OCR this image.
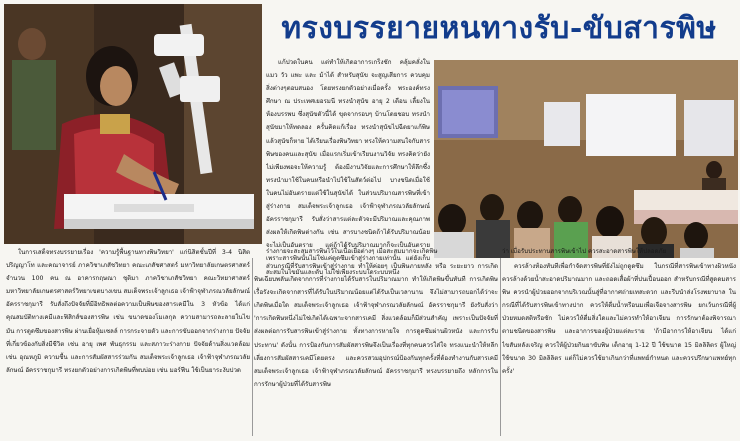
ทรงบรรยายหนทางรับ-ขับสารพิษ

แก้ปวดในคน แต่ทำให้เกิดอาการเกร็งชัก คลุ้มคลั่งใน แมว วัว แพะ และ ม้าได้ สำหรับสุนัข จะสูญเสียการ ควบคุม สิ่งต่างๆตอบสนอง โดยทรงยกตัวอย่างเมื่อครั้ง พระองค์ทรงศึกษา ณ ประเทศเยอรมนี ทรงนำสุนัข อายุ 2 เดือน เลี้ยงในห้องบรรพบ ซึ่งสุนัขตัวนี้ได้ ขุดจากรอบๆ บ้านโดยชอบ ทรงนำสุนัขมาให้ทดลอง ครั้นคิดแก้เรื่อง ทรงนำสุนัขไปฉีดยาแก้พิษ แล้วสุนัขก็หาย ได้เรียนเรื่องพิษวิทยา ทรงให้ความสนใจกับสารพิษของคนและสุนัข เมื่อแรกเริ่มเข้าเรียนงานวิจัย ทรงคิดว่ายังไม่เพียงพอจะให้ความรู้ ต้องมีงานวิจัยและการศึกษาให้ลึกซึ้ง ทรงนำมาใช้ในคนหรือนำไปใช้ในสัตว์ต่อไป บางชนิดเมื่อใช้ในคนไม่อันตรายแต่ใช้ในสุนัขได้ ในส่วนปริมาณสารพิษที่เข้าสู่ร่างกาย สมเด็จพระเจ้าลูกเธอ เจ้าฟ้าจุฬาภรณวลัยลักษณ์ อัครราชกุมารี รับสั่งว่าสารแต่ละตัวจะมีปริมาณและคุณภาพ ส่งผลให้เกิดพิษต่างกัน เช่น สารบางชนิดถ้าได้รับปริมาณน้อยจะไม่เป็นอันตราย แต่ถ้าได้รับปริมาณมากก็จะเป็นอันตราย เพราะสารพิษนั้นไม่ใช่แค่ดูดซึมเข้าสู่ร่างกายเท่านั้น แต่ยังเก็บสะสมในไขมันและตับ ไม่ใช่เพียงระบบใดระบบหนึ่ง

ร่างกายจะสะสมสารพิษไว้ในเนื้อเยื่อต่างๆ เมื่อสะสมมากจะเกิดพิษ	ว่า เมื่อรับประทานสารพิษเข้าไป ควรสะอาดสารพิษให้ปลอดภัย

ในการเสด็จทรงบรรยายเรื่อง 'ความรู้พื้นฐานทางพิษวิทยา' แก่นิสิตชั้นปีที่ 3-4 นิสิตปริญญาโท และคณาจารย์ ภาควิชาเภสัชวิทยา คณะเภสัชศาสตร์ มหาวิทยาลัยเกษตรศาสตร์ จำนวน 100 คน ณ อาคารกฤษณา ชุติมา ภาควิชาเภสัชวิทยา คณะวิทยาศาสตร์ มหาวิทยาลัยเกษตรศาสตร์วิทยาเขตบางเขน สมเด็จพระเจ้าลูกเธอ เจ้าฟ้าจุฬาภรณวลัยลักษณ์ อัครราชกุมารี รับสั่งถึงปัจจัยที่มีอิทธิพลต่อความเป็นพิษของสารเคมีใน 3 หัวข้อ ได้แก่ คุณสมบัติทางเคมีและฟิสิกส์ของสารพิษ เช่น ขนาดของโมเลกุล ความสามารถละลายในไขมัน การดูดซึมของสารพิษ ผ่านเยื่อหุ้มเซลล์ การกระจายตัว และการขับออกจากร่างกาย ปัจจัยที่เกี่ยวข้องกับสิ่งมีชีวิต เช่น อายุ เพศ พันธุกรรม และสภาวะร่างกาย ปัจจัยด้านสิ่งแวดล้อม เช่น อุณหภูมิ ความชื้น และการสัมผัสสารร่วมกัน สมเด็จพระเจ้าลูกเธอ เจ้าฟ้าจุฬาภรณวลัยลักษณ์ อัครราชกุมารี ทรงยกตัวอย่างการเกิดพิษที่พบบ่อย เช่น มอร์ฟีน ใช้เป็นยาระงับปวด

ส่วนกรณีที่รับสารพิษเข้าสู่ร่างกาย ทำให้ค่อยๆ เป็นพิษภายหลัง หรือ ระยะยาว การเกิดพิษเฉียบพลันเกิดจากการที่ร่างกายได้รับสารในปริมาณมาก ทำให้เกิดพิษขึ้นทันที การเกิดพิษเรื้อรังจะเกิดจากสารที่ได้รับในปริมาณน้อยแต่ได้รับเป็นเวลานาน จึงไม่สามารถบอกได้ว่าจะเกิดพิษเมื่อใด สมเด็จพระเจ้าลูกเธอ เจ้าฟ้าจุฬาภรณวลัยลักษณ์ อัครราชกุมารี ยังรับสั่งว่า 'การเกิดพิษหนึ่งไม่ใช่เกิดได้เฉพาะจากสารเคมี สิ่งแวดล้อมก็มีส่วนสำคัญ เพราะเป็นปัจจัยที่ส่งผลต่อการรับสารพิษเข้าสู่ร่างกาย ทั้งทางการหายใจ การดูดซึมผ่านผิวหนัง และการรับประทาน' ดังนั้น การป้องกันการสัมผัสสารพิษจึงเป็นเรื่องที่ทุกคนควรใส่ใจ ทรงแนะนำให้หลีกเลี่ยงการสัมผัสสารเคมีโดยตรง และควรสวมอุปกรณ์ป้องกันทุกครั้งที่ต้องทำงานกับสารเคมี สมเด็จพระเจ้าลูกเธอ เจ้าฟ้าจุฬาภรณวลัยลักษณ์ อัครราชกุมารี ทรงบรรยายถึง หลักการในการรักษาผู้ป่วยที่ได้รับสารพิษ

ควรล้างท้องทันทีเพื่อกำจัดสารพิษที่ยังไม่ถูกดูดซึม ในกรณีที่สารพิษเข้าทางผิวหนัง ควรล้างด้วยน้ำสะอาดปริมาณมาก และถอดเสื้อผ้าที่ปนเปื้อนออก สำหรับกรณีที่สูดดมสารพิษ ควรนำผู้ป่วยออกจากบริเวณนั้นสู่ที่อากาศถ่ายเทสะดวก และรีบนำส่งโรงพยาบาล ในกรณีที่ได้รับสารพิษเข้าทางปาก ควรให้ดื่มน้ำหรือนมเพื่อเจือจางสารพิษ ยกเว้นกรณีที่ผู้ป่วยหมดสติหรือชัก ไม่ควรให้ดื่มสิ่งใดและไม่ควรทำให้อาเจียน การรักษาต้องพิจารณาตามชนิดของสารพิษ และอาการของผู้ป่วยแต่ละราย 'ถ้ามีอาการให้อาเจียน ได้แก่ ไขสันหลังเจริญ ควรให้ผู้ป่วยกินยาขับพิษ เด็กอายุ 1-12 ปี ใช้ขนาด 15 มิลลิลิตร ผู้ใหญ่ใช้ขนาด 30 มิลลิลิตร แต่ก็ไม่ควรใช้ยาเกินกว่าที่แพทย์กำหนด และควรปรึกษาแพทย์ทุกครั้ง'
